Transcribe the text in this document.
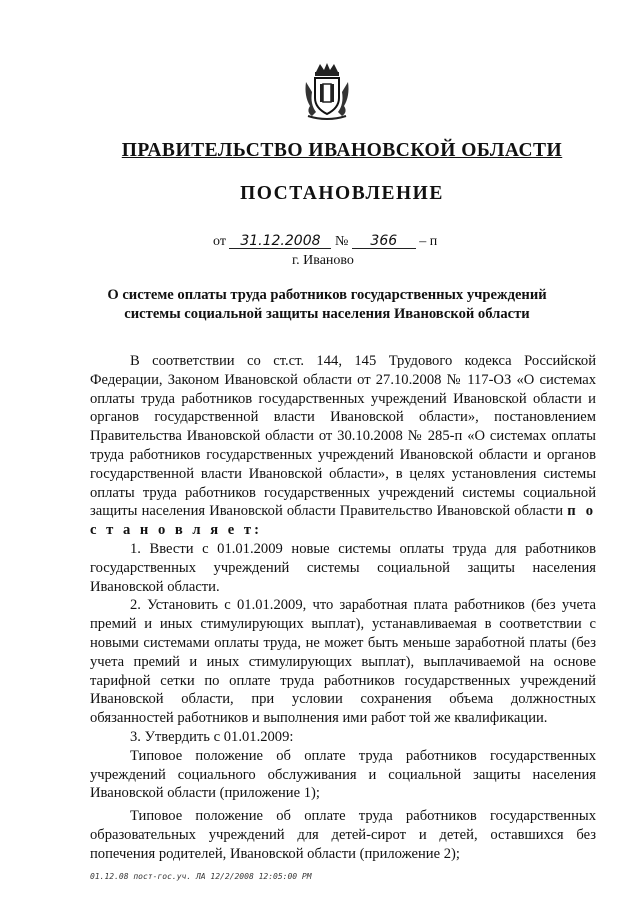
ПРАВИТЕЛЬСТВО ИВАНОВСКОЙ ОБЛАСТИ
ПОСТАНОВЛЕНИЕ
от 31.12.2008 № 366 – п
г. Иваново
О системе оплаты труда работников государственных учреждений системы социальной защиты населения Ивановской области

В соответствии со ст.ст. 144, 145 Трудового кодекса Российской Федерации, Законом Ивановской области от 27.10.2008 № 117-ОЗ «О системах оплаты труда работников государственных учреждений Ивановской области и органов государственной власти Ивановской области», постановлением Правительства Ивановской области от 30.10.2008 № 285-п «О системах оплаты труда работников государственных учреждений Ивановской области и органов государственной власти Ивановской области», в целях установления системы оплаты труда работников государственных учреждений системы социальной защиты населения Ивановской области Правительство Ивановской области п о с т а н о в л я е т:

1. Ввести с 01.01.2009 новые системы оплаты труда для работников государственных учреждений системы социальной защиты населения Ивановской области.

2. Установить с 01.01.2009, что заработная плата работников (без учета премий и иных стимулирующих выплат), устанавливаемая в соответствии с новыми системами оплаты труда, не может быть меньше заработной платы (без учета премий и иных стимулирующих выплат), выплачиваемой на основе тарифной сетки по оплате труда работников государственных учреждений Ивановской области, при условии сохранения объема должностных обязанностей работников и выполнения ими работ той же квалификации.

3. Утвердить с 01.01.2009:

Типовое положение об оплате труда работников государственных учреждений социального обслуживания и социальной защиты населения Ивановской области (приложение 1);

Типовое положение об оплате труда работников государственных образовательных учреждений для детей-сирот и детей, оставшихся без попечения родителей, Ивановской области (приложение 2);

01.12.08 пост-гос.уч. ЛА 12/2/2008 12:05:00 PM
